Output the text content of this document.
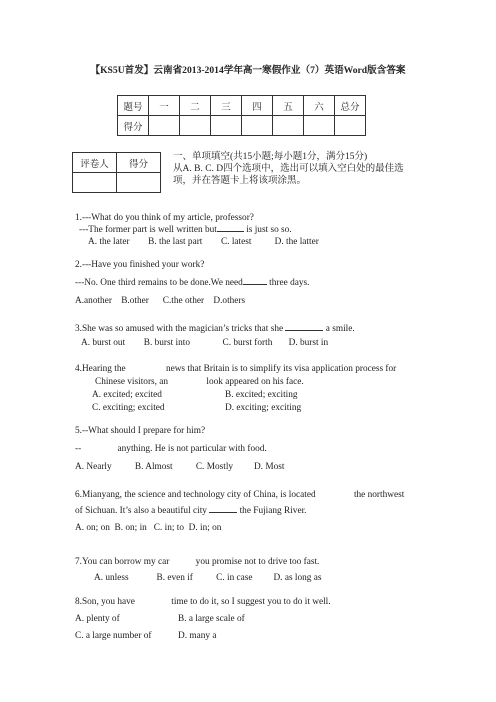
【KS5U首发】云南省2013-2014学年高一寒假作业（7）英语Word版含答案
题号	一	二	三	四	五	六	总分
得分							
评卷人	得分

一、单项填空(共15小题;每小题1分，满分15分)
从A. B. C. D四个选项中，选出可以填入空白处的最佳选
项，并在答题卡上将该项涂黑。
1.---What do you think of my article, professor?
---The former part is well written but	is just so so.
A. the later        B. the last part        C. latest          D. the latter
2.---Have you finished your work?
---No. One third remains to be done.We need	three days.
A.another    B.other      C.the other    D.others
3.She was so amused with the magician’s tricks that she	a smile.
A. burst out        B. burst into              C. burst forth       D. burst in
4.Hearing the	news that Britain is to simplify its visa application process for
Chinese visitors, an	look appeared on his face.
A. excited; excited	B. excited; exciting
C. exciting; excited	D. exciting; exciting
5.--What should I prepare for him?
--	anything. He is not particular with food.
A. Nearly          B. Almost          C. Mostly         D. Most
6.Mianyang, the science and technology city of China, is located	the northwest
of Sichuan. It’s also a beautiful city	the Fujiang River.
A. on; on  B. on; in   C. in; to  D. in; on
7.You can borrow my car	you promise not to drive too fast.
A. unless            B. even if          C. in case         D. as long as
8.Son, you have	time to do it, so I suggest you to do it well.
A. plenty of	B. a large scale of
C. a large number of	D. many a
